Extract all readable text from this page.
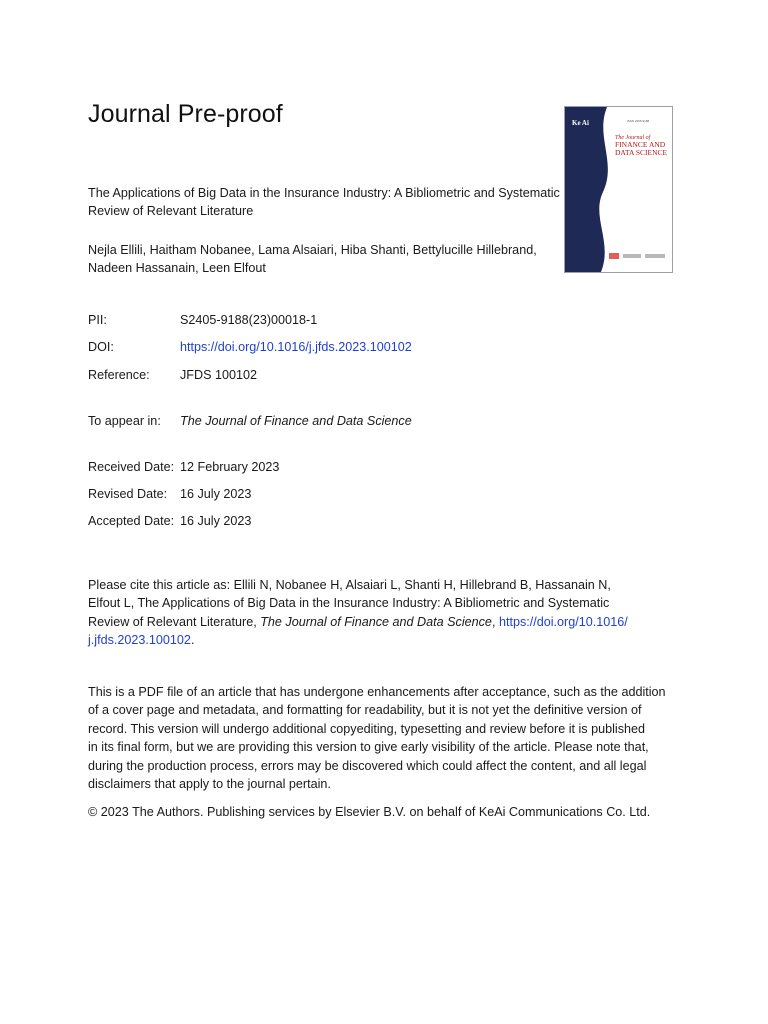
Journal Pre-proof
The Applications of Big Data in the Insurance Industry: A Bibliometric and Systematic
Review of Relevant Literature
Nejla Ellili, Haitham Nobanee, Lama Alsaiari, Hiba Shanti, Bettylucille Hillebrand,
Nadeen Hassanain, Leen Elfout
Ke Ai	ISSN 2405-9188
The Journal of
FINANCE AND DATA SCIENCE
PII:	S2405-9188(23)00018-1
DOI:	https://doi.org/10.1016/j.jfds.2023.100102
Reference: JFDS 100102
To appear in: The Journal of Finance and Data Science
Received Date: 12 February 2023
Revised Date: 16 July 2023
Accepted Date: 16 July 2023
Please cite this article as: Ellili N, Nobanee H, Alsaiari L, Shanti H, Hillebrand B, Hassanain N,
Elfout L, The Applications of Big Data in the Insurance Industry: A Bibliometric and Systematic
Review of Relevant Literature, The Journal of Finance and Data Science, https://doi.org/10.1016/
j.jfds.2023.100102.
This is a PDF file of an article that has undergone enhancements after acceptance, such as the addition
of a cover page and metadata, and formatting for readability, but it is not yet the definitive version of
record. This version will undergo additional copyediting, typesetting and review before it is published
in its final form, but we are providing this version to give early visibility of the article. Please note that,
during the production process, errors may be discovered which could affect the content, and all legal
disclaimers that apply to the journal pertain.
© 2023 The Authors. Publishing services by Elsevier B.V. on behalf of KeAi Communications Co. Ltd.
